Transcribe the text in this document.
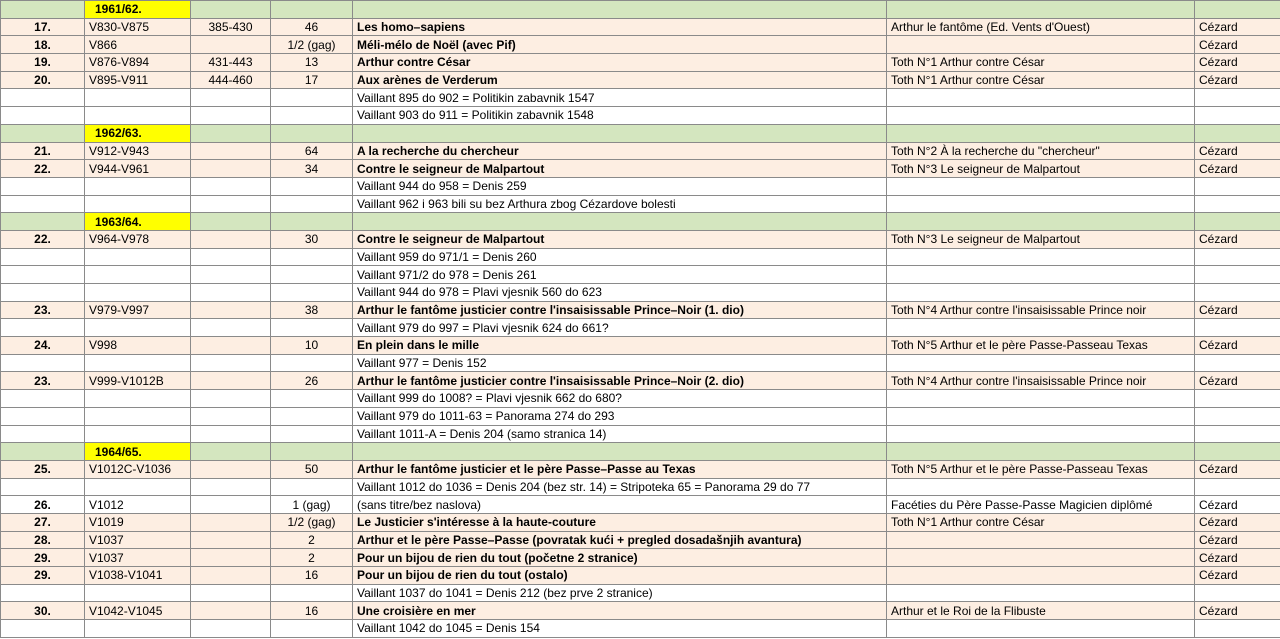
	1961/62.					
17.	V830-V875	385-430	46	Les homo–sapiens	Arthur le fantôme (Ed. Vents d'Ouest)	Cézard
18.	V866		1/2 (gag)	Méli-mélo de Noël (avec Pif)		Cézard
19.	V876-V894	431-443	13	Arthur contre César	Toth N°1 Arthur contre César	Cézard
20.	V895-V911	444-460	17	Aux arènes de Verderum	Toth N°1 Arthur contre César	Cézard
				Vaillant 895 do 902 = Politikin zabavnik 1547		
				Vaillant 903 do 911 = Politikin zabavnik 1548		
	1962/63.					
21.	V912-V943		64	A la recherche du chercheur	Toth N°2 À la recherche du "chercheur"	Cézard
22.	V944-V961		34	Contre le seigneur de Malpartout	Toth N°3 Le seigneur de Malpartout	Cézard
				Vaillant 944 do 958 = Denis 259		
				Vaillant 962 i 963 bili su bez Arthura zbog Cézardove bolesti		
	1963/64.					
22.	V964-V978		30	Contre le seigneur de Malpartout	Toth N°3 Le seigneur de Malpartout	Cézard
				Vaillant 959 do 971/1 = Denis 260		
				Vaillant 971/2 do 978 = Denis 261		
				Vaillant 944 do 978 = Plavi vjesnik 560 do 623		
23.	V979-V997		38	Arthur le fantôme justicier contre l'insaisissable Prince–Noir (1. dio)	Toth N°4 Arthur contre l'insaisissable Prince noir	Cézard
				Vaillant 979 do 997 = Plavi vjesnik 624 do 661?		
24.	V998		10	En plein dans le mille	Toth N°5 Arthur et le père Passe-Passeau Texas	Cézard
				Vaillant 977 = Denis 152		
23.	V999-V1012B		26	Arthur le fantôme justicier contre l'insaisissable Prince–Noir (2. dio)	Toth N°4 Arthur contre l'insaisissable Prince noir	Cézard
				Vaillant 999 do 1008? = Plavi vjesnik 662 do 680?		
				Vaillant 979 do 1011-63 = Panorama 274 do 293		
				Vaillant 1011-A = Denis 204 (samo stranica 14)		
	1964/65.					
25.	V1012C-V1036		50	Arthur le fantôme justicier et le père Passe–Passe au Texas	Toth N°5 Arthur et le père Passe-Passeau Texas	Cézard
				Vaillant 1012 do 1036 = Denis 204 (bez str. 14) = Stripoteka 65 = Panorama 29 do 77		
26.	V1012		1 (gag)	(sans titre/bez naslova)	Facéties du Père Passe-Passe Magicien diplômé	Cézard
27.	V1019		1/2 (gag)	Le Justicier s'intéresse à la haute-couture	Toth N°1 Arthur contre César	Cézard
28.	V1037		2	Arthur et le père Passe–Passe (povratak kući + pregled dosadašnjih avantura)		Cézard
29.	V1037		2	Pour un bijou de rien du tout (početne 2 stranice)		Cézard
29.	V1038-V1041		16	Pour un bijou de rien du tout (ostalo)		Cézard
				Vaillant 1037 do 1041 = Denis 212 (bez prve 2 stranice)		
30.	V1042-V1045		16	Une croisière en mer	Arthur et le Roi de la Flibuste	Cézard
				Vaillant 1042 do 1045 = Denis 154		
